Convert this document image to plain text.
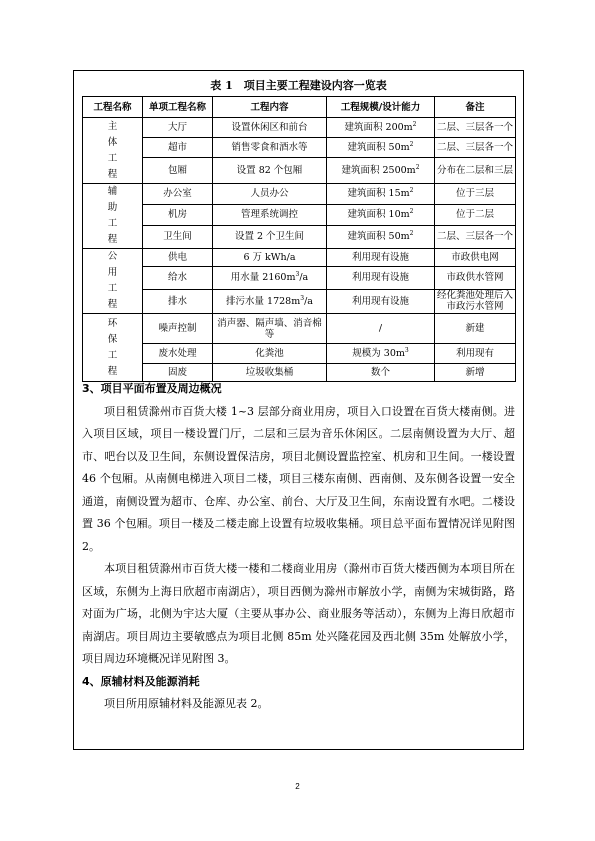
表 1　项目主要工程建设内容一览表
工程名称	单项工程名称	工程内容	工程规模/设计能力	备注

主
体
工
程	大厅	设置休闲区和前台	建筑面积 $200m^2$	二层、三层各一个
	超市	销售零食和酒水等	建筑面积 $50m^2$	二层、三层各一个
	包厢	设置 82 个包厢	建筑面积 $2500m^2$	分布在二层和三层

辅
助
工
程	办公室	人员办公	建筑面积 $15m^2$	位于三层
	机房	管理系统调控	建筑面积 $10m^2$	位于二层
	卫生间	设置 2 个卫生间	建筑面积 $50m^2$	二层、三层各一个

公
用
工
程	供电	6 万 kWh/a	利用现有设施	市政供电网
	给水	用水量 $2160m^3/a$	利用现有设施	市政供水管网
	排水	排污水量 $1728m^3/a$	利用现有设施	经化粪池处理后入市政污水管网

环
保
工
程	噪声控制	消声器、隔声墙、消音棉等	/	新建
	废水处理	化粪池	规模为 $30m^3$	利用现有
	固废	垃圾收集桶	数个	新增
3、项目平面布置及周边概况

项目租赁滁州市百货大楼 1~3 层部分商业用房，项目入口设置在百货大楼南侧。进入项目区域，项目一楼设置门厅，二层和三层为音乐休闲区。二层南侧设置为大厅、超市、吧台以及卫生间，东侧设置保洁房，项目北侧设置监控室、机房和卫生间。一楼设置 46 个包厢。从南侧电梯进入项目二楼，项目三楼东南侧、西南侧、及东侧各设置一安全通道，南侧设置为超市、仓库、办公室、前台、大厅及卫生间，东南设置有水吧。二楼设置 36 个包厢。项目一楼及二楼走廊上设置有垃圾收集桶。项目总平面布置情况详见附图 2。

本项目租赁滁州市百货大楼一楼和二楼商业用房（滁州市百货大楼西侧为本项目所在区域，东侧为上海日欣超市南湖店），项目西侧为滁州市解放小学，南侧为宋城街路，路对面为广场，北侧为宇达大厦（主要从事办公、商业服务等活动），东侧为上海日欣超市南湖店。项目周边主要敏感点为项目北侧 85m 处兴隆花园及西北侧 35m 处解放小学，项目周边环境概况详见附图 3。

4、原辅材料及能源消耗

项目所用原辅材料及能源见表 2。

2
